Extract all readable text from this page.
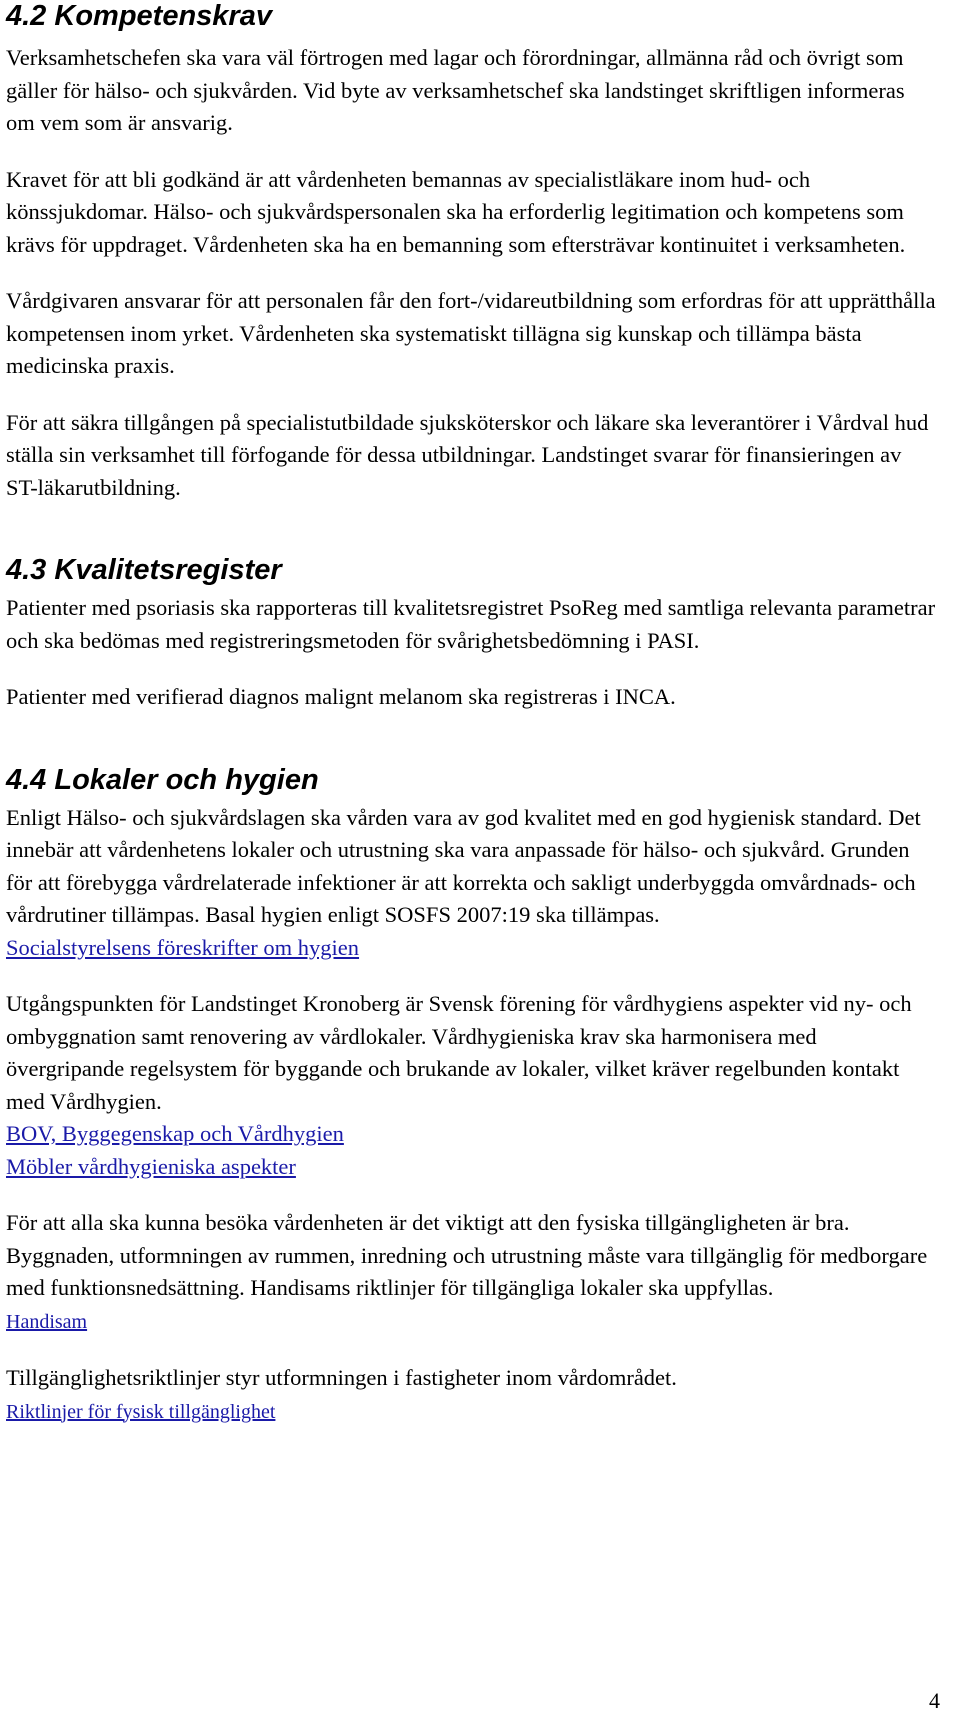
4.2 Kompetenskrav

Verksamhetschefen ska vara väl förtrogen med lagar och förordningar, allmänna råd och övrigt som gäller för hälso- och sjukvården. Vid byte av verksamhetschef ska landstinget skriftligen informeras om vem som är ansvarig.

Kravet för att bli godkänd är att vårdenheten bemannas av specialistläkare inom hud- och könssjukdomar. Hälso- och sjukvårdspersonalen ska ha erforderlig legitimation och kompetens som krävs för uppdraget. Vårdenheten ska ha en bemanning som eftersträvar kontinuitet i verksamheten.

Vårdgivaren ansvarar för att personalen får den fort-/vidareutbildning som erfordras för att upprätthålla kompetensen inom yrket. Vårdenheten ska systematiskt tillägna sig kunskap och tillämpa bästa medicinska praxis.

För att säkra tillgången på specialistutbildade sjuksköterskor och läkare ska leverantörer i Vårdval hud ställa sin verksamhet till förfogande för dessa utbildningar. Landstinget svarar för finansieringen av ST-läkarutbildning.

4.3 Kvalitetsregister

Patienter med psoriasis ska rapporteras till kvalitetsregistret PsoReg med samtliga relevanta parametrar och ska bedömas med registreringsmetoden för svårighetsbedömning i PASI.

Patienter med verifierad diagnos malignt melanom ska registreras i INCA.

4.4 Lokaler och hygien

Enligt Hälso- och sjukvårdslagen ska vården vara av god kvalitet med en god hygienisk standard. Det innebär att vårdenhetens lokaler och utrustning ska vara anpassade för hälso- och sjukvård. Grunden för att förebygga vårdrelaterade infektioner är att korrekta och sakligt underbyggda omvårdnads- och vårdrutiner tillämpas. Basal hygien enligt SOSFS 2007:19 ska tillämpas.

Socialstyrelsens föreskrifter om hygien

Utgångspunkten för Landstinget Kronoberg är Svensk förening för vårdhygiens aspekter vid ny- och ombyggnation samt renovering av vårdlokaler. Vårdhygieniska krav ska harmonisera med övergripande regelsystem för byggande och brukande av lokaler, vilket kräver regelbunden kontakt med Vårdhygien.

BOV, Byggegenskap och Vårdhygien

Möbler vårdhygieniska aspekter

För att alla ska kunna besöka vårdenheten är det viktigt att den fysiska tillgängligheten är bra. Byggnaden, utformningen av rummen, inredning och utrustning måste vara tillgänglig för medborgare med funktionsnedsättning. Handisams riktlinjer för tillgängliga lokaler ska uppfyllas.

Handisam

Tillgänglighetsriktlinjer styr utformningen i fastigheter inom vårdområdet.

Riktlinjer för fysisk tillgänglighet

4
